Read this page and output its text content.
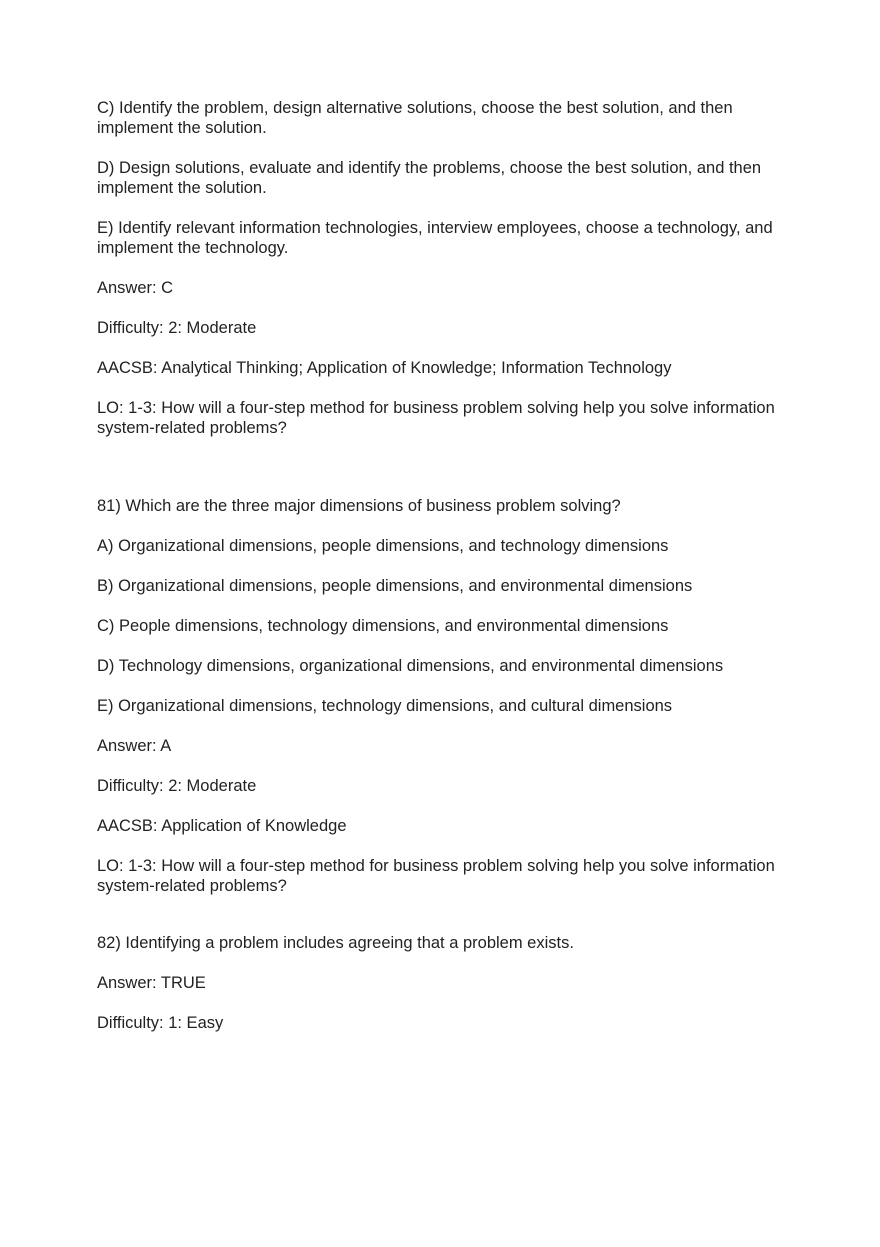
C) Identify the problem, design alternative solutions, choose the best solution, and then implement the solution.

D) Design solutions, evaluate and identify the problems, choose the best solution, and then implement the solution.

E) Identify relevant information technologies, interview employees, choose a technology, and implement the technology.

Answer: C

Difficulty: 2: Moderate

AACSB: Analytical Thinking; Application of Knowledge; Information Technology

LO: 1-3: How will a four-step method for business problem solving help you solve information system-related problems?

81) Which are the three major dimensions of business problem solving?

A) Organizational dimensions, people dimensions, and technology dimensions

B) Organizational dimensions, people dimensions, and environmental dimensions

C) People dimensions, technology dimensions, and environmental dimensions

D) Technology dimensions, organizational dimensions, and environmental dimensions

E) Organizational dimensions, technology dimensions, and cultural dimensions

Answer: A

Difficulty: 2: Moderate

AACSB: Application of Knowledge

LO: 1-3: How will a four-step method for business problem solving help you solve information system-related problems?

82) Identifying a problem includes agreeing that a problem exists.

Answer: TRUE

Difficulty: 1: Easy
